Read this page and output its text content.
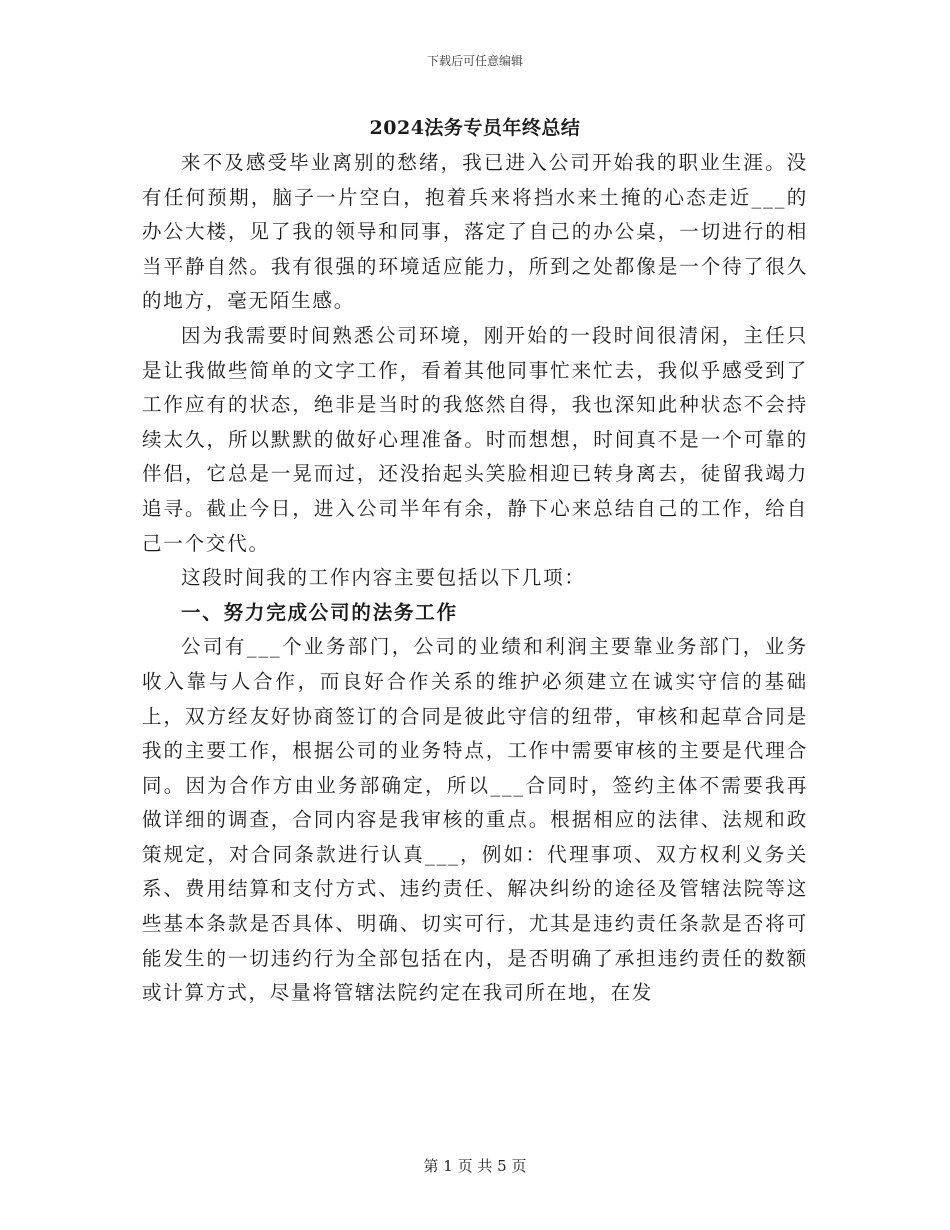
下载后可任意编辑
2024法务专员年终总结

来不及感受毕业离别的愁绪，我已进入公司开始我的职业生涯。没有任何预期，脑子一片空白，抱着兵来将挡水来土掩的心态走近___的办公大楼，见了我的领导和同事，落定了自己的办公桌，一切进行的相当平静自然。我有很强的环境适应能力，所到之处都像是一个待了很久的地方，毫无陌生感。

因为我需要时间熟悉公司环境，刚开始的一段时间很清闲，主任只是让我做些简单的文字工作，看着其他同事忙来忙去，我似乎感受到了工作应有的状态，绝非是当时的我悠然自得，我也深知此种状态不会持续太久，所以默默的做好心理准备。时而想想，时间真不是一个可靠的伴侣，它总是一晃而过，还没抬起头笑脸相迎已转身离去，徒留我竭力追寻。截止今日，进入公司半年有余，静下心来总结自己的工作，给自己一个交代。

这段时间我的工作内容主要包括以下几项：

一、努力完成公司的法务工作

公司有___个业务部门，公司的业绩和利润主要靠业务部门，业务收入靠与人合作，而良好合作关系的维护必须建立在诚实守信的基础上，双方经友好协商签订的合同是彼此守信的纽带，审核和起草合同是我的主要工作，根据公司的业务特点，工作中需要审核的主要是代理合同。因为合作方由业务部确定，所以___合同时，签约主体不需要我再做详细的调查，合同内容是我审核的重点。根据相应的法律、法规和政策规定，对合同条款进行认真___，例如：代理事项、双方权利义务关系、费用结算和支付方式、违约责任、解决纠纷的途径及管辖法院等这些基本条款是否具体、明确、切实可行，尤其是违约责任条款是否将可能发生的一切违约行为全部包括在内，是否明确了承担违约责任的数额或计算方式，尽量将管辖法院约定在我司所在地，在发

第 1 页 共 5 页
